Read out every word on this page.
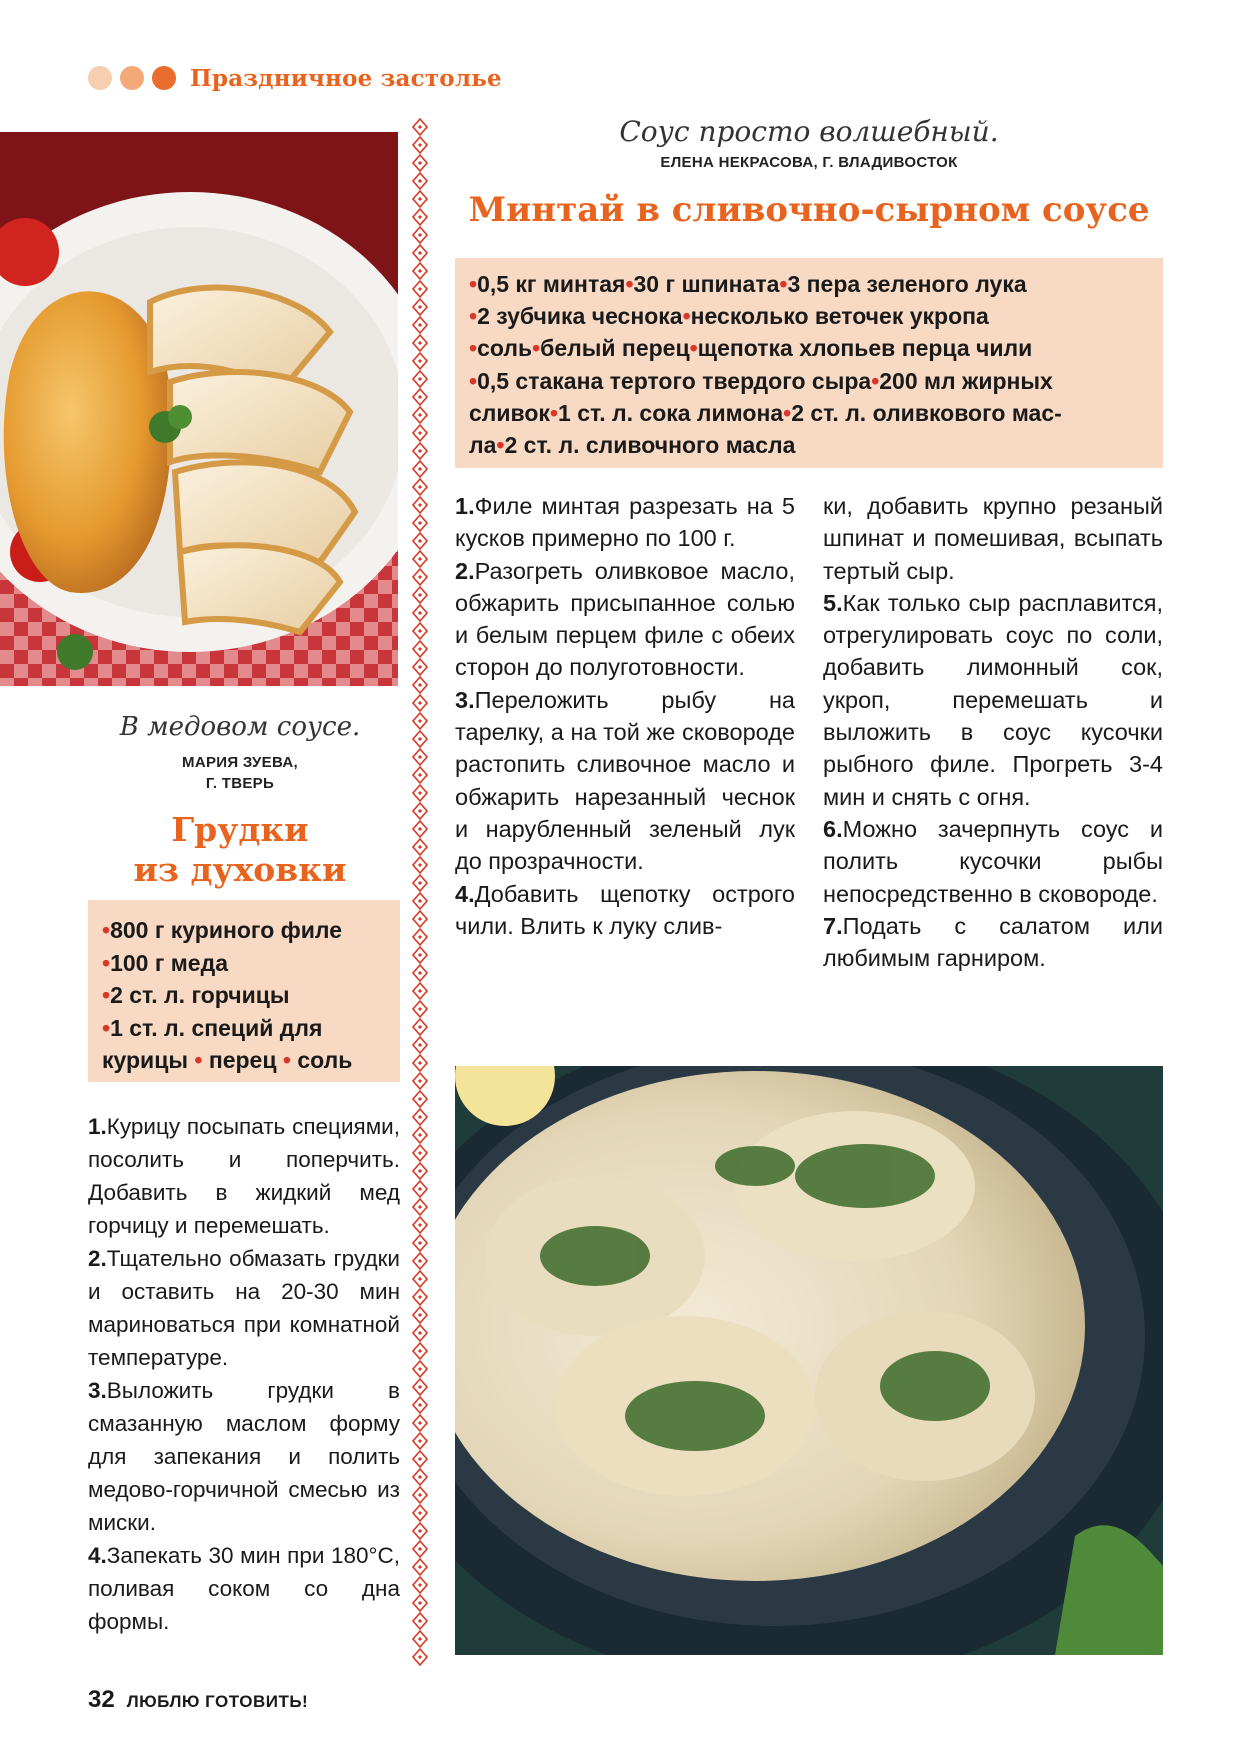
Праздничное застолье
В медовом соусе.
МАРИЯ ЗУЕВА,
Г. ТВЕРЬ
Грудки
из духовки
•800 г куриного филе
•100 г меда
•2 ст. л. горчицы
•1 ст. л. специй для
курицы • перец • соль

1.Курицу посыпать специями, посолить и поперчить. Добавить в жидкий мед горчицу и перемешать.

2.Тщательно обмазать грудки и оставить на 20-30 мин мариноваться при комнатной температуре.

3.Выложить грудки в смазанную маслом форму для запекания и полить медово-горчичной смесью из миски.

4.Запекать 30 мин при 180°С, поливая соком со дна формы.

Соус просто волшебный.
ЕЛЕНА НЕКРАСОВА, Г. ВЛАДИВОСТОК
Минтай в сливочно-сырном соусе
•0,5 кг минтая•30 г шпината•3 пера зеленого лука
•2 зубчика чеснока•несколько веточек укропа
•соль•белый перец•щепотка хлопьев перца чили
•0,5 стакана тертого твердого сыра•200 мл жирных
сливок•1 ст. л. сока лимона•2 ст. л. оливкового мас-
ла•2 ст. л. сливочного масла

1.Филе минтая разрезать на 5 кусков примерно по 100 г.

2.Разогреть оливковое масло, обжарить присыпанное солью и белым перцем филе с обеих сторон до полуготовности.

3.Переложить рыбу на тарелку, а на той же сковороде растопить сливочное масло и обжарить нарезанный чеснок и нарубленный зеленый лук до прозрачности.

4.Добавить щепотку острого чили. Влить к луку слив-

ки, добавить крупно резаный шпинат и помешивая, всыпать тертый сыр.

5.Как только сыр расплавится, отрегулировать соус по соли, добавить лимонный сок, укроп, перемешать и выложить в соус кусочки рыбного филе. Прогреть 3-4 мин и снять с огня.

6.Можно зачерпнуть соус и полить кусочки рыбы непосредственно в сковороде.

7.Подать с салатом или любимым гарниром.

32 ЛЮБЛЮ ГОТОВИТЬ!
